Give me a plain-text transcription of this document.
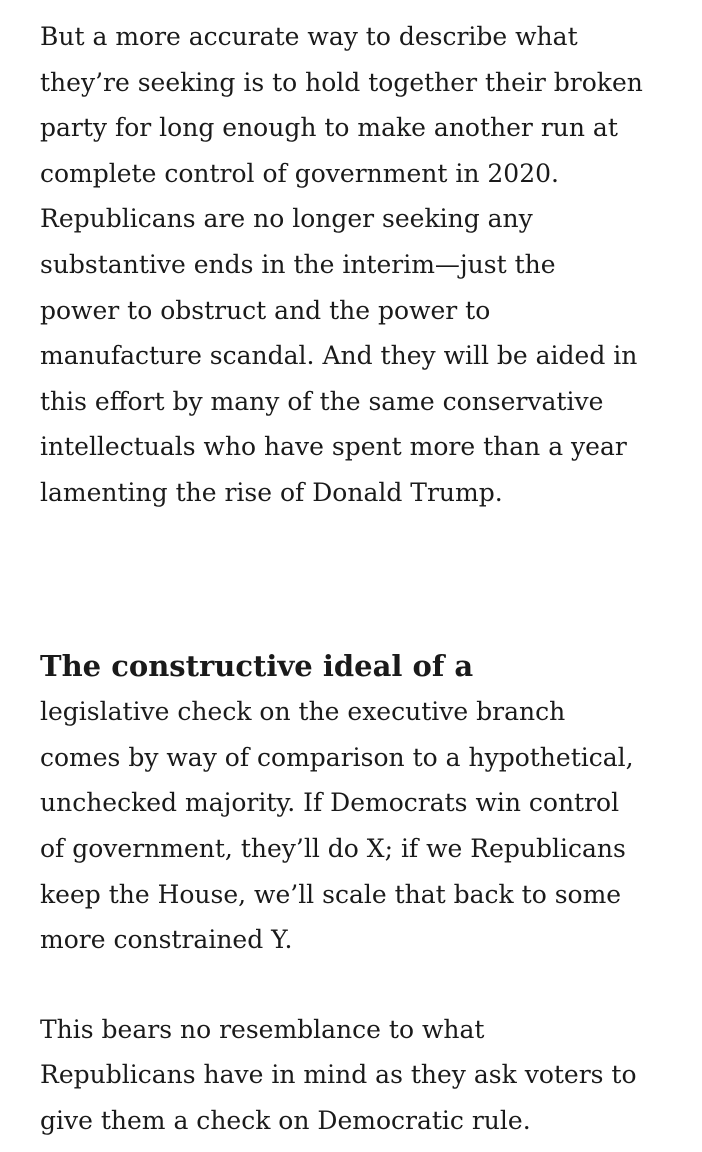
But a more accurate way to describe what
they’re seeking is to hold together their broken
party for long enough to make another run at
complete control of government in 2020.
Republicans are no longer seeking any
substantive ends in the interim—just the
power to obstruct and the power to
manufacture scandal. And they will be aided in
this effort by many of the same conservative
intellectuals who have spent more than a year
lamenting the rise of Donald Trump.

The constructive ideal of a
legislative check on the executive branch
comes by way of comparison to a hypothetical,
unchecked majority. If Democrats win control
of government, they’ll do X; if we Republicans
keep the House, we’ll scale that back to some
more constrained Y.

This bears no resemblance to what
Republicans have in mind as they ask voters to
give them a check on Democratic rule.
